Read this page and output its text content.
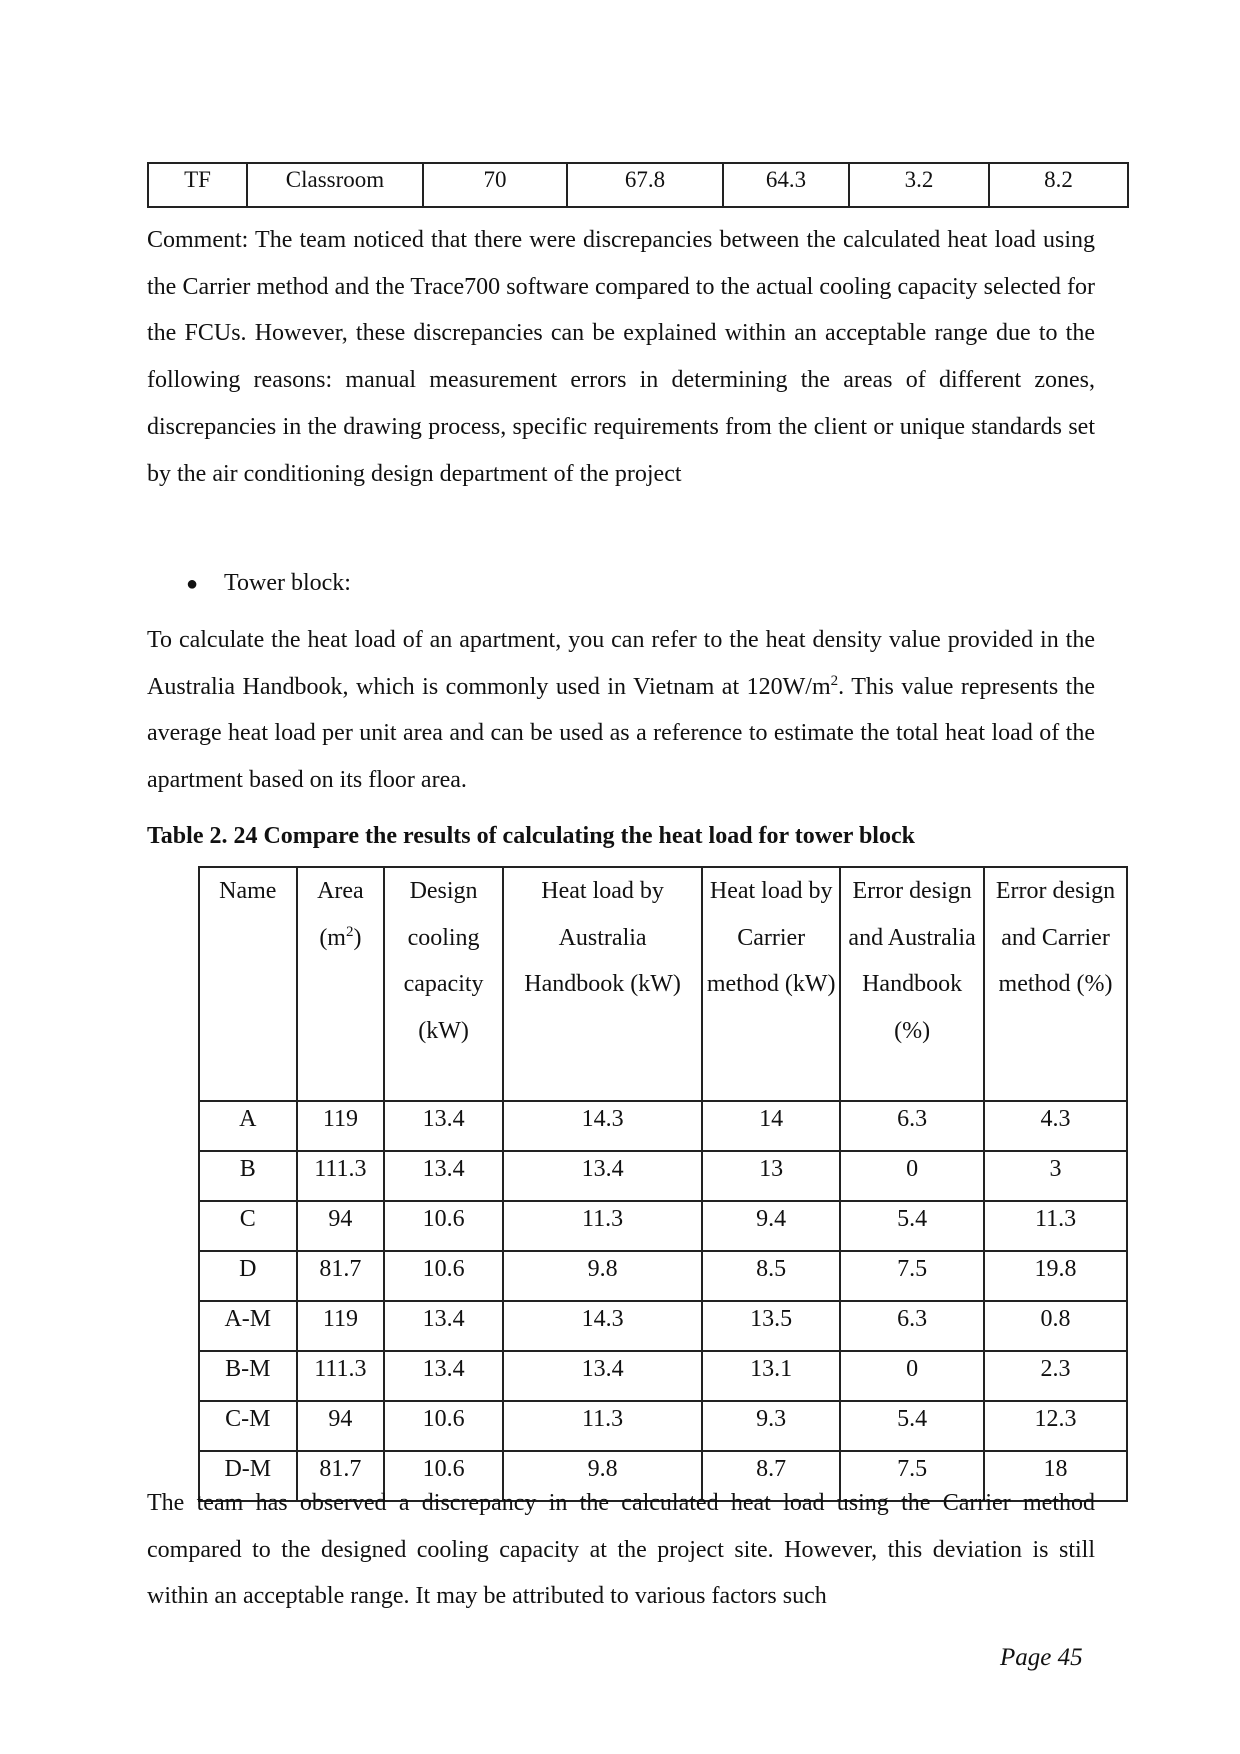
TF	Classroom	70	67.8	64.3	3.2	8.2

Comment: The team noticed that there were discrepancies between the calculated heat load using the Carrier method and the Trace700 software compared to the actual cooling capacity selected for the FCUs. However, these discrepancies can be explained within an acceptable range due to the following reasons: manual measurement errors in determining the areas of different zones, discrepancies in the drawing process, specific requirements from the client or unique standards set by the air conditioning design department of the project

● Tower block:

To calculate the heat load of an apartment, you can refer to the heat density value provided in the Australia Handbook, which is commonly used in Vietnam at $120W/m^2$. This value represents the average heat load per unit area and can be used as a reference to estimate the total heat load of the apartment based on its floor area.

Table 2. 24 Compare the results of calculating the heat load for tower block

Name	Area $(m^2)$	Design cooling capacity (kW)	Heat load by Australia Handbook (kW)	Heat load by Carrier method (kW)	Error design and Australia Handbook (%)	Error design and Carrier method (%)
A	119	13.4	14.3	14	6.3	4.3
B	111.3	13.4	13.4	13	0	3
C	94	10.6	11.3	9.4	5.4	11.3
D	81.7	10.6	9.8	8.5	7.5	19.8
A-M	119	13.4	14.3	13.5	6.3	0.8
B-M	111.3	13.4	13.4	13.1	0	2.3
C-M	94	10.6	11.3	9.3	5.4	12.3
D-M	81.7	10.6	9.8	8.7	7.5	18

The team has observed a discrepancy in the calculated heat load using the Carrier method compared to the designed cooling capacity at the project site. However, this deviation is still within an acceptable range. It may be attributed to various factors such

Page 45
